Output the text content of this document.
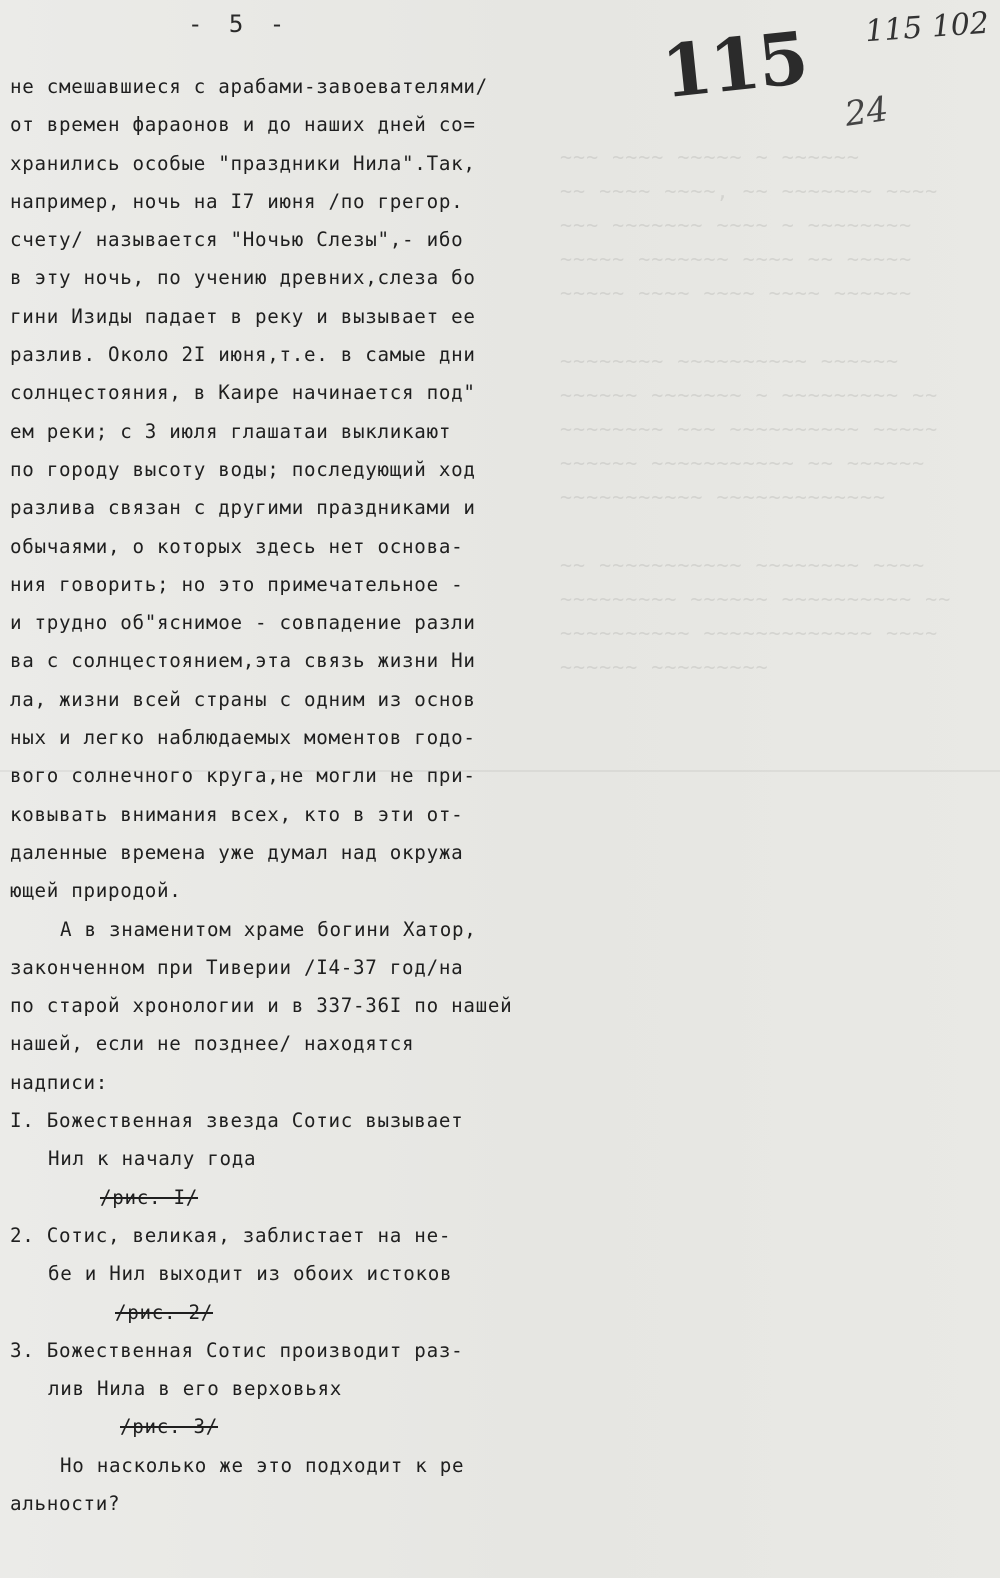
~~~ ~~~~ ~~~~~ ~ ~~~~~~
~~ ~~~~ ~~~~, ~~ ~~~~~~~ ~~~~
~~~ ~~~~~~~ ~~~~ ~ ~~~~~~~~
~~~~~ ~~~~~~~ ~~~~ ~~ ~~~~~
~~~~~ ~~~~ ~~~~ ~~~~ ~~~~~~

~~~~~~~~ ~~~~~~~~~~ ~~~~~~
~~~~~~ ~~~~~~~ ~ ~~~~~~~~~ ~~
~~~~~~~~ ~~~ ~~~~~~~~~~ ~~~~~
~~~~~~ ~~~~~~~~~~~ ~~ ~~~~~~
~~~~~~~~~~~ ~~~~~~~~~~~~~

~~ ~~~~~~~~~~~ ~~~~~~~~ ~~~~
~~~~~~~~~ ~~~~~~ ~~~~~~~~~~ ~~
~~~~~~~~~~ ~~~~~~~~~~~~~ ~~~~
~~~~~~ ~~~~~~~~~
- 5 -	115 115 102
24
не смешавшиеся с арабами-завоевателями/
от времен фараонов и до наших дней со=
хранились особые "праздники Нила".Так,
например, ночь на I7 июня /по грегор.
счету/ называется "Ночью Слезы",- ибо
в эту ночь, по учению древних,слеза бо
гини Изиды падает в реку и вызывает ее
разлив. Около 2I июня,т.е. в самые дни
солнцестояния, в Каире начинается под"
ем реки; с 3 июля глашатаи выкликают
по городу высоту воды; последующий ход
разлива связан с другими праздниками и
обычаями, о которых здесь нет основа-
ния говорить; но это примечательное -
и трудно об"яснимое - совпадение разли
ва с солнцестоянием,эта связь жизни Ни
ла, жизни всей страны с одним из основ
ных и легко наблюдаемых моментов годо-
вого солнечного круга,не могли не при-
ковывать внимания всех, кто в эти от-
даленные времена уже думал над окружа
ющей природой.
А в знаменитом храме богини Хатор,
законченном при Тиверии /I4-37 год/на
по старой хронологии и в 337-36I по нашей
нашей, если не позднее/ находятся
надписи:
I. Божественная звезда Сотис вызывает
Нил к началу года
/рис. I/
2. Сотис, великая, заблистает на не-
бе и Нил выходит из обоих истоков
/рис. 2/
3. Божественная Сотис производит раз-
лив Нила в его верховьях
/рис. 3/
Но насколько же это подходит к ре
альности?
